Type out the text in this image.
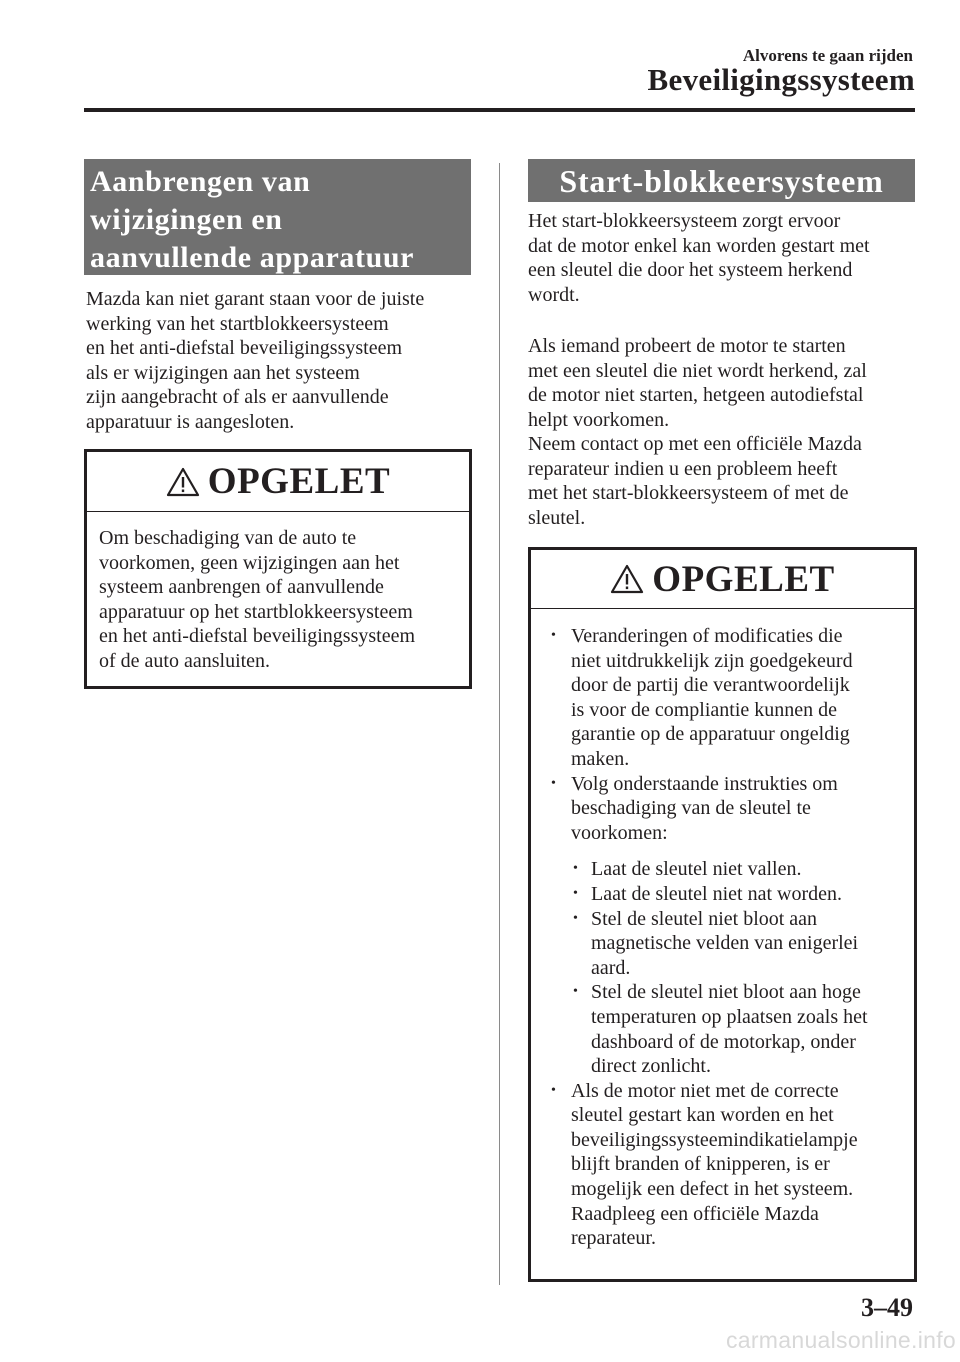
Alvorens te gaan rijden
Beveiligingssysteem
Aanbrengen van
wijzigingen en
aanvullende apparatuur
Mazda kan niet garant staan voor de juiste
werking van het startblokkeersysteem
en het anti-diefstal beveiligingssysteem
als er wijzigingen aan het systeem
zijn aangebracht of als er aanvullende
apparatuur is aangesloten.
OPGELET
Om beschadiging van de auto te
voorkomen, geen wijzigingen aan het
systeem aanbrengen of aanvullende
apparatuur op het startblokkeersysteem
en het anti-diefstal beveiligingssysteem
of de auto aansluiten.
Start-blokkeersysteem
Het start-blokkeersysteem zorgt ervoor
dat de motor enkel kan worden gestart met
een sleutel die door het systeem herkend
wordt.
Als iemand probeert de motor te starten
met een sleutel die niet wordt herkend, zal
de motor niet starten, hetgeen autodiefstal
helpt voorkomen.
Neem contact op met een officiële Mazda
reparateur indien u een probleem heeft
met het start-blokkeersysteem of met de
sleutel.
OPGELET
• Veranderingen of modificaties die
niet uitdrukkelijk zijn goedgekeurd
door de partij die verantwoordelijk
is voor de compliantie kunnen de
garantie op de apparatuur ongeldig
maken.
• Volg onderstaande instrukties om
beschadiging van de sleutel te
voorkomen:
• Laat de sleutel niet vallen.
• Laat de sleutel niet nat worden.
• Stel de sleutel niet bloot aan
magnetische velden van enigerlei
aard.
• Stel de sleutel niet bloot aan hoge
temperaturen op plaatsen zoals het
dashboard of de motorkap, onder
direct zonlicht.
• Als de motor niet met de correcte
sleutel gestart kan worden en het
beveiligingssysteemindikatielampje
blijft branden of knipperen, is er
mogelijk een defect in het systeem.
Raadpleeg een officiële Mazda
reparateur.
3–49
carmanualsonline.info
